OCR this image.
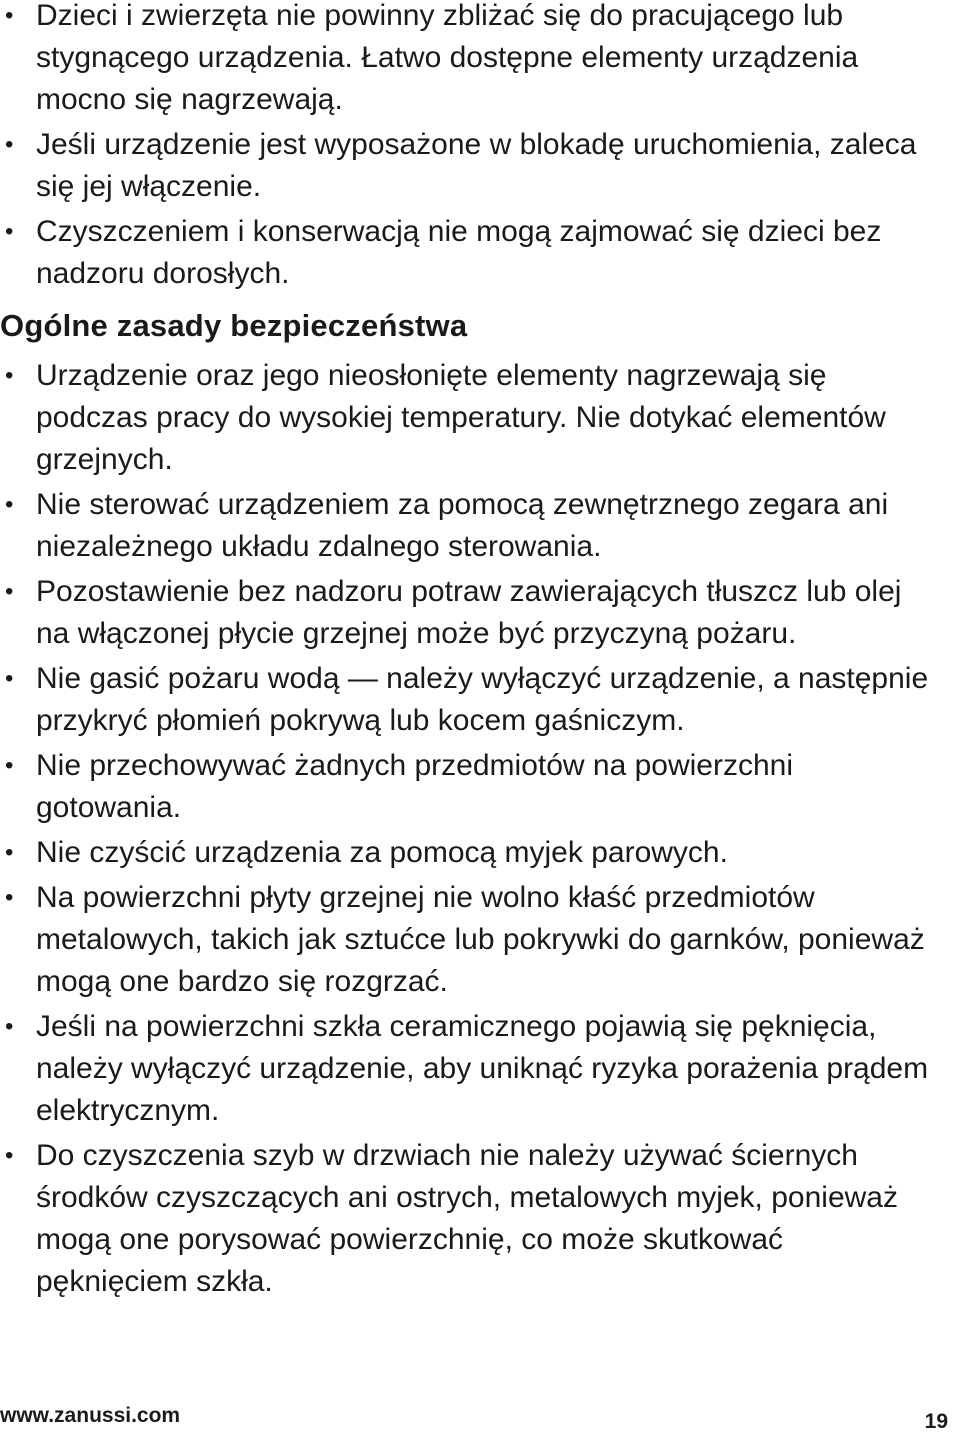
• Dzieci i zwierzęta nie powinny zbliżać się do pracującego lub stygnącego urządzenia. Łatwo dostępne elementy urządzenia mocno się nagrzewają.
• Jeśli urządzenie jest wyposażone w blokadę uruchomienia, zaleca się jej włączenie.
• Czyszczeniem i konserwacją nie mogą zajmować się dzieci bez nadzoru dorosłych.
Ogólne zasady bezpieczeństwa
• Urządzenie oraz jego nieosłonięte elementy nagrzewają się podczas pracy do wysokiej temperatury. Nie dotykać elementów grzejnych.
• Nie sterować urządzeniem za pomocą zewnętrznego zegara ani niezależnego układu zdalnego sterowania.
• Pozostawienie bez nadzoru potraw zawierających tłuszcz lub olej na włączonej płycie grzejnej może być przyczyną pożaru.
• Nie gasić pożaru wodą — należy wyłączyć urządzenie, a następnie przykryć płomień pokrywą lub kocem gaśniczym.
• Nie przechowywać żadnych przedmiotów na powierzchni gotowania.
• Nie czyścić urządzenia za pomocą myjek parowych.
• Na powierzchni płyty grzejnej nie wolno kłaść przedmiotów metalowych, takich jak sztućce lub pokrywki do garnków, ponieważ mogą one bardzo się rozgrzać.
• Jeśli na powierzchni szkła ceramicznego pojawią się pęknięcia, należy wyłączyć urządzenie, aby uniknąć ryzyka porażenia prądem elektrycznym.
• Do czyszczenia szyb w drzwiach nie należy używać ściernych środków czyszczących ani ostrych, metalowych myjek, ponieważ mogą one porysować powierzchnię, co może skutkować pęknięciem szkła.
www.zanussi.com	19
